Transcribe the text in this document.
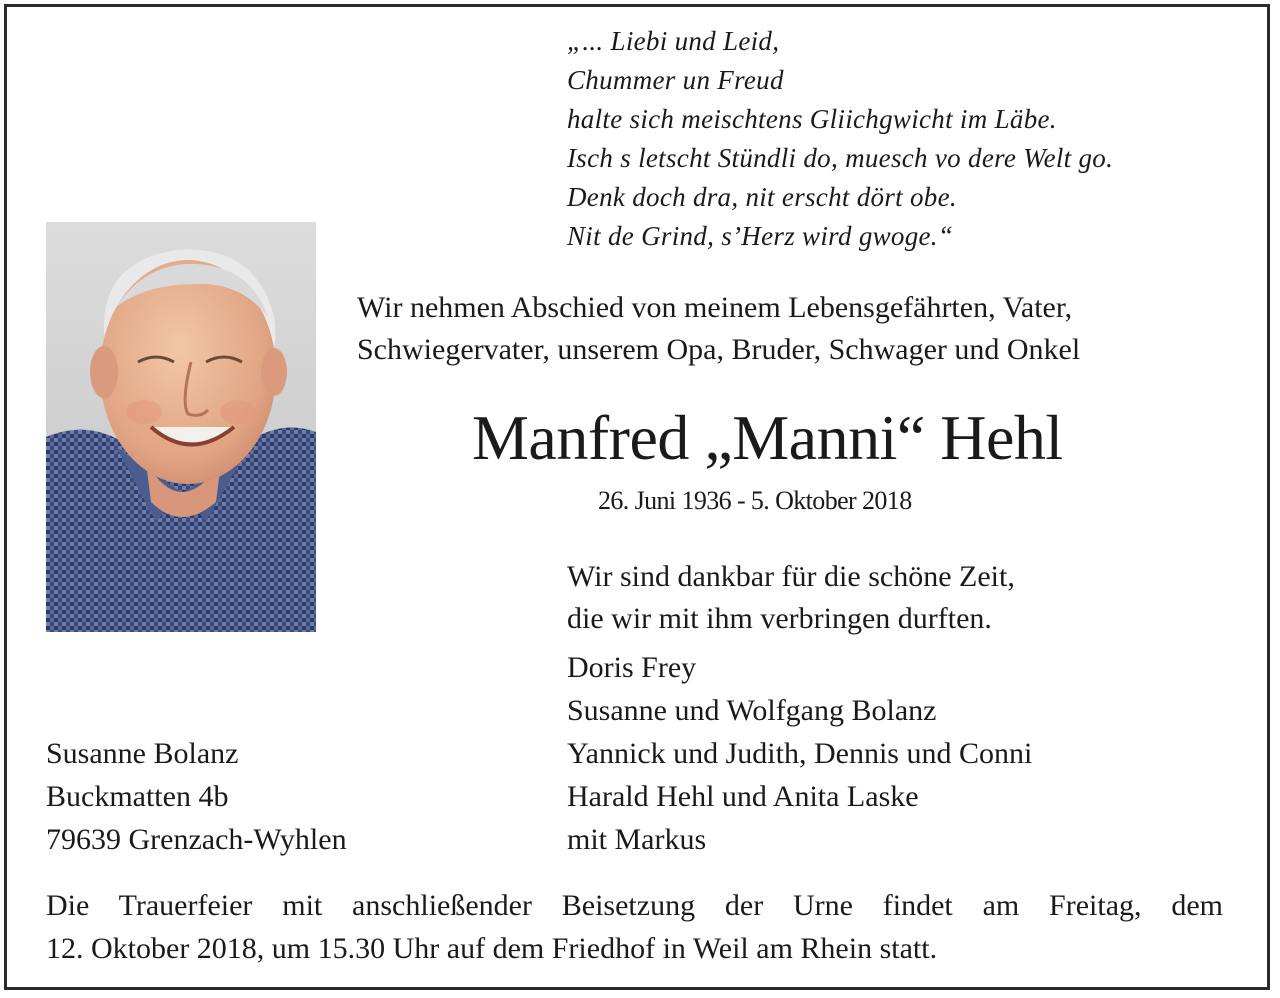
„... Liebi und Leid,
Chummer un Freud
halte sich meischtens Gliichgwicht im Läbe.
Isch s letscht Stündli do, muesch vo dere Welt go.
Denk doch dra, nit erscht dört obe.
Nit de Grind, s’Herz wird gwoge.“
Wir nehmen Abschied von meinem Lebensgefährten, Vater,
Schwiegervater, unserem Opa, Bruder, Schwager und Onkel
Manfred „Manni“ Hehl
26. Juni 1936 - 5. Oktober 2018
Wir sind dankbar für die schöne Zeit,
die wir mit ihm verbringen durften.
Doris Frey
Susanne und Wolfgang Bolanz
Yannick und Judith, Dennis und Conni
Harald Hehl und Anita Laske
mit Markus
Susanne Bolanz
Buckmatten 4b
79639 Grenzach-Wyhlen
Die Trauerfeier mit anschließender Beisetzung der Urne findet am Freitag, dem
12. Oktober 2018, um 15.30 Uhr auf dem Friedhof in Weil am Rhein statt.
